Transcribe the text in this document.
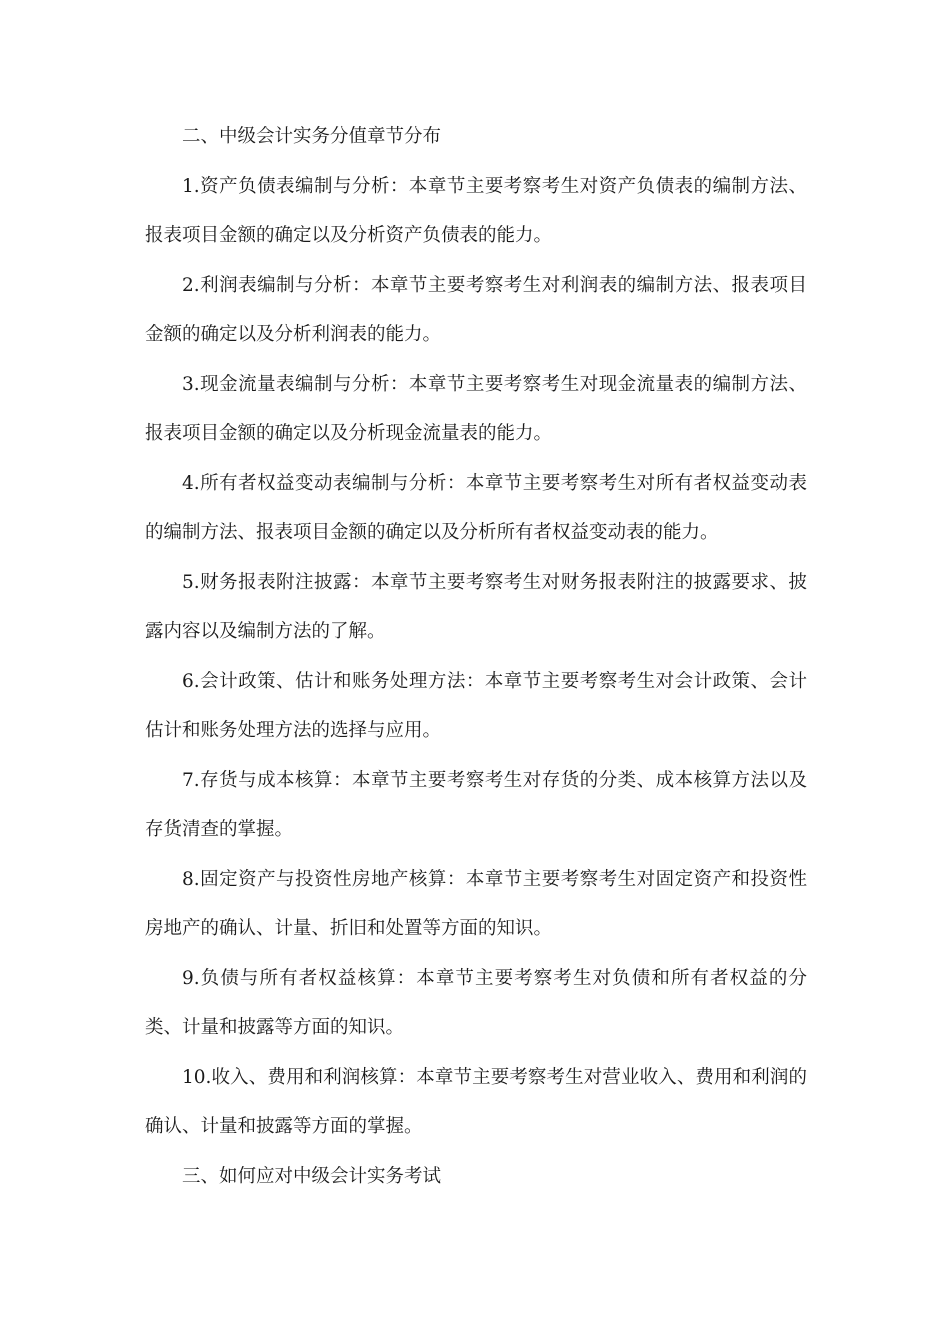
二、中级会计实务分值章节分布

1.资产负债表编制与分析：本章节主要考察考生对资产负债表的编制方法、报表项目金额的确定以及分析资产负债表的能力。

2.利润表编制与分析：本章节主要考察考生对利润表的编制方法、报表项目金额的确定以及分析利润表的能力。

3.现金流量表编制与分析：本章节主要考察考生对现金流量表的编制方法、报表项目金额的确定以及分析现金流量表的能力。

4.所有者权益变动表编制与分析：本章节主要考察考生对所有者权益变动表的编制方法、报表项目金额的确定以及分析所有者权益变动表的能力。

5.财务报表附注披露：本章节主要考察考生对财务报表附注的披露要求、披露内容以及编制方法的了解。

6.会计政策、估计和账务处理方法：本章节主要考察考生对会计政策、会计估计和账务处理方法的选择与应用。

7.存货与成本核算：本章节主要考察考生对存货的分类、成本核算方法以及存货清查的掌握。

8.固定资产与投资性房地产核算：本章节主要考察考生对固定资产和投资性房地产的确认、计量、折旧和处置等方面的知识。

9.负债与所有者权益核算：本章节主要考察考生对负债和所有者权益的分类、计量和披露等方面的知识。

10.收入、费用和利润核算：本章节主要考察考生对营业收入、费用和利润的确认、计量和披露等方面的掌握。

三、如何应对中级会计实务考试
